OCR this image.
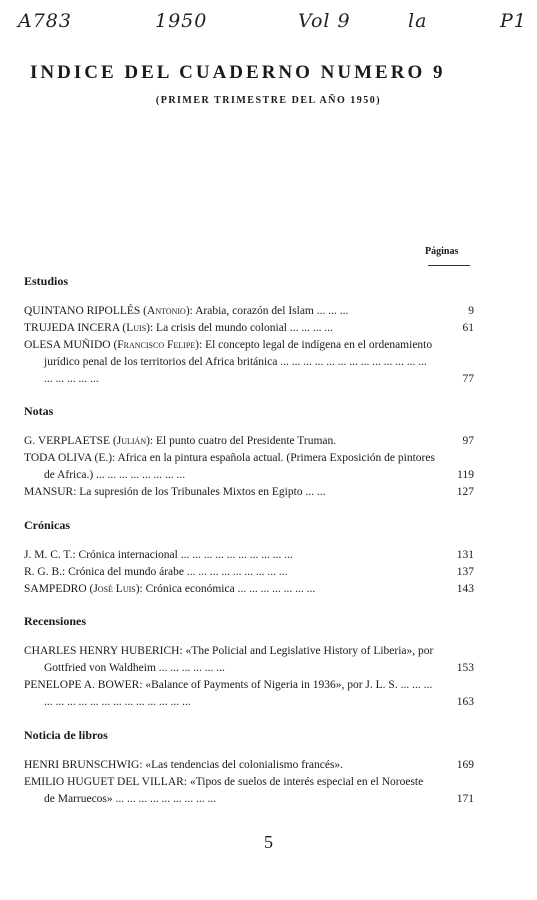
A783	1950	Vol 9	la	P1
INDICE DEL CUADERNO NUMERO 9
(PRIMER TRIMESTRE DEL AÑO 1950)
Páginas
Estudios
QUINTANO RIPOLLÉS (Antonio): Arabia, corazón del Islam ... ... ...	9
TRUJEDA INCERA (Luis): La crisis del mundo colonial ... ... ... ...	61
OLESA MUÑIDO (Francisco Felipe): El concepto legal de indígena en el ordenamiento jurídico penal de los territorios del Africa británica ... ... ... ... ... ... ... ... ... ... ... ... ... ... ... ... ... ...	77
Notas
G. VERPLAETSE (Julián): El punto cuatro del Presidente Truman.	97
TODA OLIVA (E.): Africa en la pintura española actual. (Primera Exposición de pintores de Africa.) ... ... ... ... ... ... ... ...	119
MANSUR: La supresión de los Tribunales Mixtos en Egipto ... ...	127
Crónicas
J. M. C. T.: Crónica internacional ... ... ... ... ... ... ... ... ... ...	131
R. G. B.: Crónica del mundo árabe ... ... ... ... ... ... ... ... ...	137
SAMPEDRO (José Luis): Crónica económica ... ... ... ... ... ... ...	143
Recensiones
CHARLES HENRY HUBERICH: «The Policial and Legislative History of Liberia», por Gottfried von Waldheim ... ... ... ... ... ...	153
PENELOPE A. BOWER: «Balance of Payments of Nigeria in 1936», por J. L. S. ... ... ... ... ... ... ... ... ... ... ... ... ... ... ... ...	163
Noticia de libros
HENRI BRUNSCHWIG: «Las tendencias del colonialismo francés».	169
EMILIO HUGUET DEL VILLAR: «Tipos de suelos de interés especial en el Noroeste de Marruecos» ... ... ... ... ... ... ... ... ...	171
5
